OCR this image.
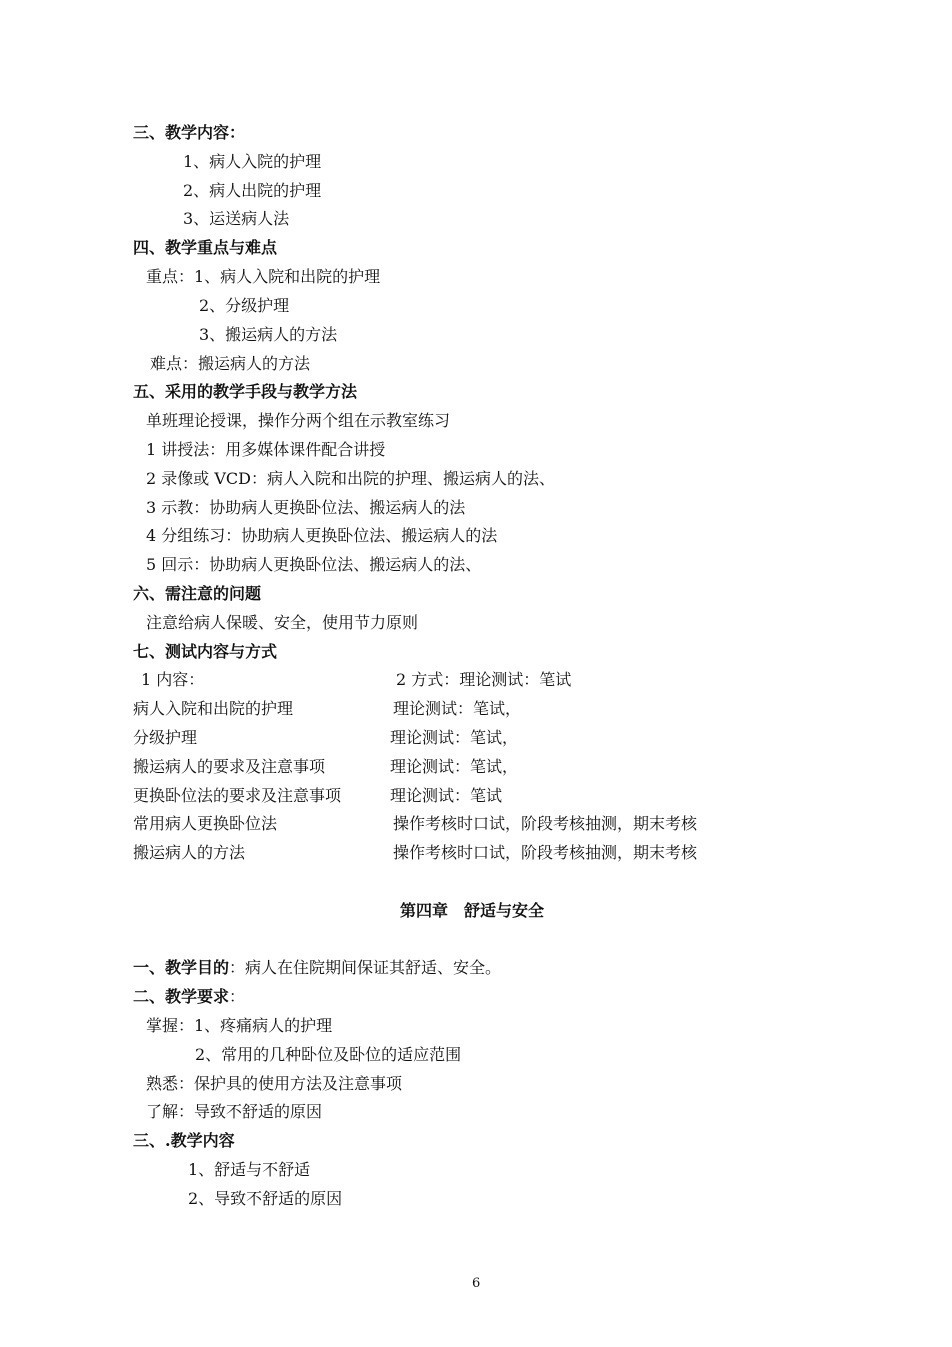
三、教学内容：
1、病人入院的护理
2、病人出院的护理
3、运送病人法
四、教学重点与难点
重点：1、病人入院和出院的护理
2、分级护理
3、搬运病人的方法
难点：搬运病人的方法
五、采用的教学手段与教学方法
单班理论授课，操作分两个组在示教室练习
1 讲授法：用多媒体课件配合讲授
2 录像或 VCD：病人入院和出院的护理、搬运病人的法、
3 示教：协助病人更换卧位法、搬运病人的法
4 分组练习：协助病人更换卧位法、搬运病人的法
5 回示：协助病人更换卧位法、搬运病人的法、
六、需注意的问题
注意给病人保暖、安全，使用节力原则
七、测试内容与方式
1 内容：	2 方式：理论测试：笔试
病人入院和出院的护理	理论测试：笔试，
分级护理	理论测试：笔试，
搬运病人的要求及注意事项	理论测试：笔试，
更换卧位法的要求及注意事项	理论测试：笔试
常用病人更换卧位法	操作考核时口试，阶段考核抽测，期末考核
搬运病人的方法	操作考核时口试，阶段考核抽测，期末考核
第四章　舒适与安全
一、教学目的：病人在住院期间保证其舒适、安全。
二、教学要求：
掌握：1、疼痛病人的护理
2、常用的几种卧位及卧位的适应范围
熟悉：保护具的使用方法及注意事项
了解：导致不舒适的原因
三、.教学内容
1、舒适与不舒适
2、导致不舒适的原因
6
